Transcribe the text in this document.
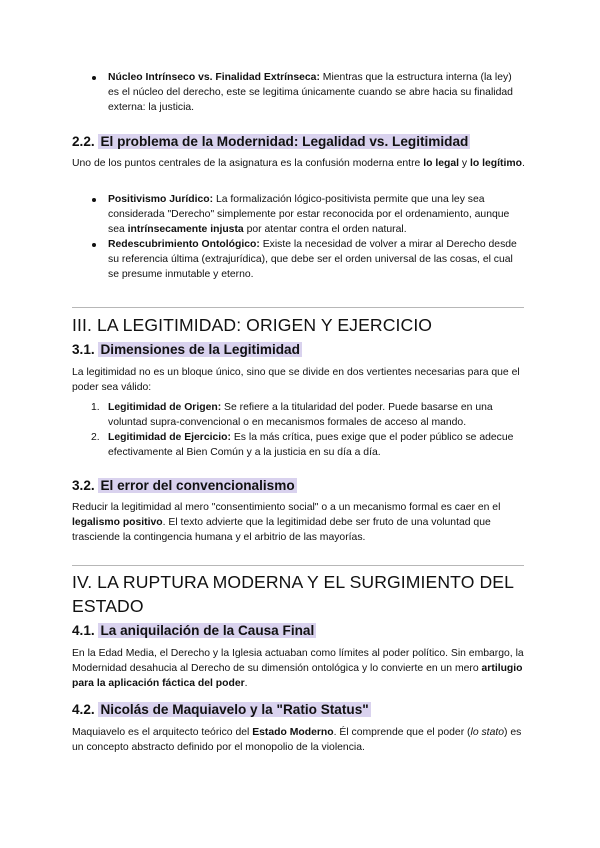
Núcleo Intrínseco vs. Finalidad Extrínseca: Mientras que la estructura interna (la ley) es el núcleo del derecho, este se legitima únicamente cuando se abre hacia su finalidad externa: la justicia.
2.2. El problema de la Modernidad: Legalidad vs. Legitimidad

Uno de los puntos centrales de la asignatura es la confusión moderna entre lo legal y lo legítimo.

Positivismo Jurídico: La formalización lógico-positivista permite que una ley sea considerada "Derecho" simplemente por estar reconocida por el ordenamiento, aunque sea intrínsecamente injusta por atentar contra el orden natural.
Redescubrimiento Ontológico: Existe la necesidad de volver a mirar al Derecho desde su referencia última (extrajurídica), que debe ser el orden universal de las cosas, el cual se presume inmutable y eterno.
III. LA LEGITIMIDAD: ORIGEN Y EJERCICIO
3.1. Dimensiones de la Legitimidad

La legitimidad no es un bloque único, sino que se divide en dos vertientes necesarias para que el poder sea válido:

1. Legitimidad de Origen: Se refiere a la titularidad del poder. Puede basarse en una voluntad supra-convencional o en mecanismos formales de acceso al mando.
2. Legitimidad de Ejercicio: Es la más crítica, pues exige que el poder público se adecue efectivamente al Bien Común y a la justicia en su día a día.
3.2. El error del convencionalismo

Reducir la legitimidad al mero "consentimiento social" o a un mecanismo formal es caer en el legalismo positivo. El texto advierte que la legitimidad debe ser fruto de una voluntad que trasciende la contingencia humana y el arbitrio de las mayorías.

IV. LA RUPTURA MODERNA Y EL SURGIMIENTO DEL ESTADO
4.1. La aniquilación de la Causa Final

En la Edad Media, el Derecho y la Iglesia actuaban como límites al poder político. Sin embargo, la Modernidad desahucia al Derecho de su dimensión ontológica y lo convierte en un mero artilugio para la aplicación fáctica del poder.

4.2. Nicolás de Maquiavelo y la "Ratio Status"

Maquiavelo es el arquitecto teórico del Estado Moderno. Él comprende que el poder (lo stato) es un concepto abstracto definido por el monopolio de la violencia.
